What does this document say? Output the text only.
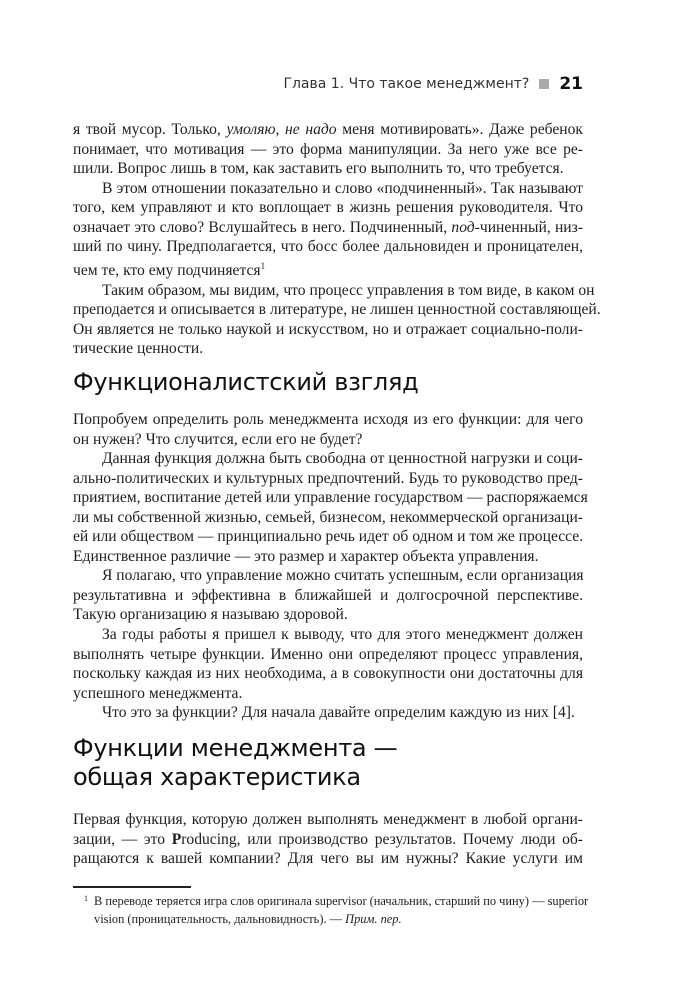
Глава 1. Что такое менеджмент? 21
я твой мусор. Только, умоляю, не надо меня мотивировать». Даже ребенок
понимает, что мотивация — это форма манипуляции. За него уже все ре-
шили. Вопрос лишь в том, как заставить его выполнить то, что требуется.
В этом отношении показательно и слово «подчиненный». Так называют
того, кем управляют и кто воплощает в жизнь решения руководителя. Что
означает это слово? Вслушайтесь в него. Подчиненный, под-чиненный, низ-
ший по чину. Предполагается, что босс более дальновиден и проницателен,
чем те, кто ему подчиняется$^1$
Таким образом, мы видим, что процесс управления в том виде, в каком он
преподается и описывается в литературе, не лишен ценностной составляющей.
Он является не только наукой и искусством, но и отражает социально-поли-
тические ценности.
Функционалистский взгляд
Попробуем определить роль менеджмента исходя из его функции: для чего
он нужен? Что случится, если его не будет?
Данная функция должна быть свободна от ценностной нагрузки и соци-
ально-политических и культурных предпочтений. Будь то руководство пред-
приятием, воспитание детей или управление государством — распоряжаемся
ли мы собственной жизнью, семьей, бизнесом, некоммерческой организаци-
ей или обществом — принципиально речь идет об одном и том же процессе.
Единственное различие — это размер и характер объекта управления.
Я полагаю, что управление можно считать успешным, если организация
результативна и эффективна в ближайшей и долгосрочной перспективе.
Такую организацию я называю здоровой.
За годы работы я пришел к выводу, что для этого менеджмент должен
выполнять четыре функции. Именно они определяют процесс управления,
поскольку каждая из них необходима, а в совокупности они достаточны для
успешного менеджмента.
Что это за функции? Для начала давайте определим каждую из них [4].
Функции менеджмента —
общая характеристика
Первая функция, которую должен выполнять менеджмент в любой органи-
зации, — это Producing, или производство результатов. Почему люди об-
ращаются к вашей компании? Для чего вы им нужны? Какие услуги им
1 В переводе теряется игра слов оригинала supervisor (начальник, старший по чину) — superior
vision (проницательность, дальновидность). — Прим. пер.
